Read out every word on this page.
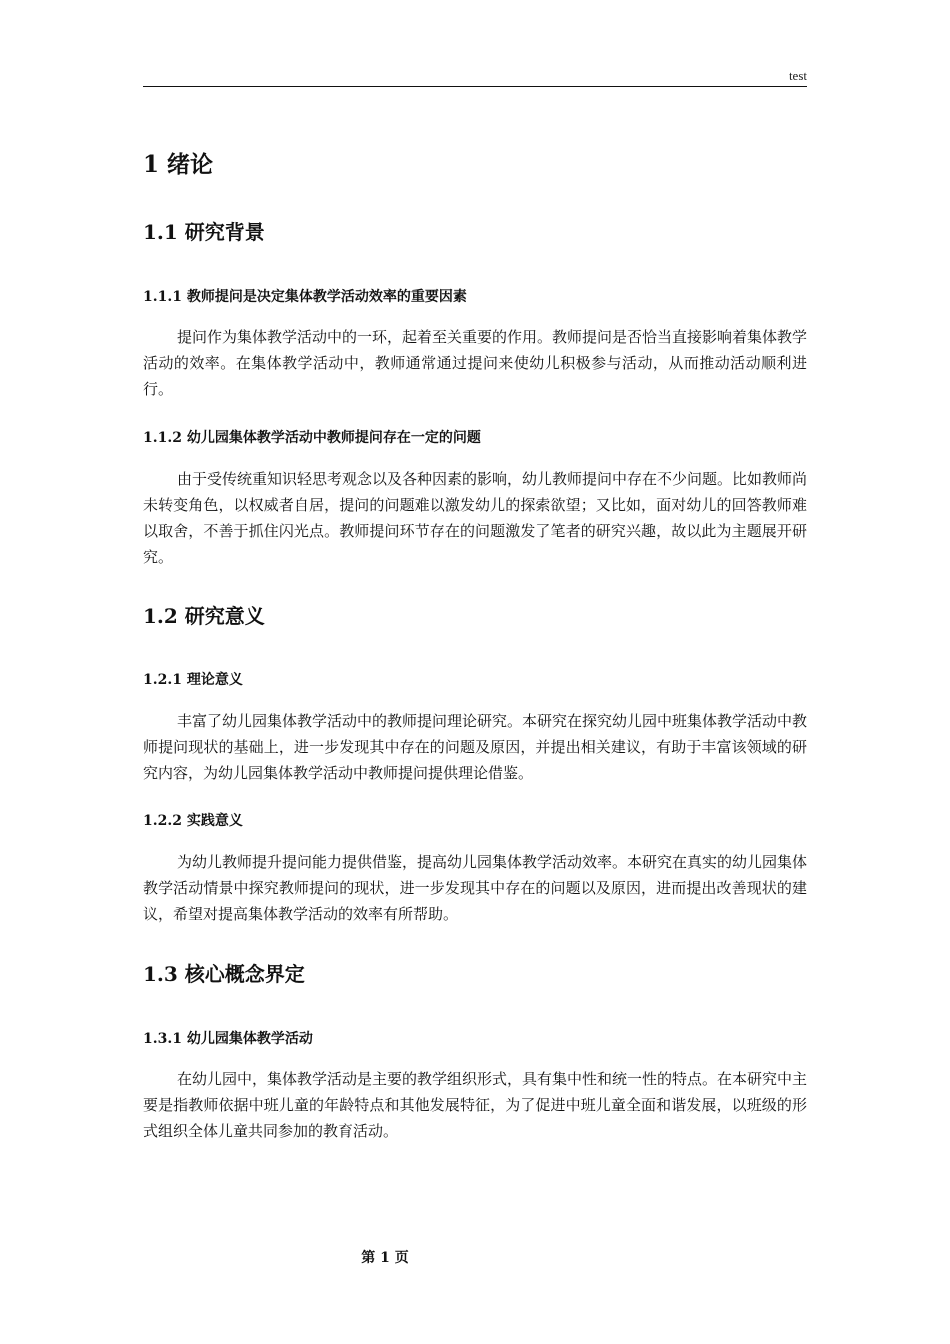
test
1 绪论
1.1 研究背景
1.1.1 教师提问是决定集体教学活动效率的重要因素

提问作为集体教学活动中的一环，起着至关重要的作用。教师提问是否恰当直接影响着集体教学活动的效率。在集体教学活动中，教师通常通过提问来使幼儿积极参与活动，从而推动活动顺利进行。

1.1.2 幼儿园集体教学活动中教师提问存在一定的问题

由于受传统重知识轻思考观念以及各种因素的影响，幼儿教师提问中存在不少问题。比如教师尚未转变角色，以权威者自居，提问的问题难以激发幼儿的探索欲望；又比如，面对幼儿的回答教师难以取舍，不善于抓住闪光点。教师提问环节存在的问题激发了笔者的研究兴趣，故以此为主题展开研究。

1.2 研究意义
1.2.1 理论意义

丰富了幼儿园集体教学活动中的教师提问理论研究。本研究在探究幼儿园中班集体教学活动中教师提问现状的基础上，进一步发现其中存在的问题及原因，并提出相关建议，有助于丰富该领域的研究内容，为幼儿园集体教学活动中教师提问提供理论借鉴。

1.2.2 实践意义

为幼儿教师提升提问能力提供借鉴，提高幼儿园集体教学活动效率。本研究在真实的幼儿园集体教学活动情景中探究教师提问的现状，进一步发现其中存在的问题以及原因，进而提出改善现状的建议，希望对提高集体教学活动的效率有所帮助。

1.3 核心概念界定
1.3.1 幼儿园集体教学活动

在幼儿园中，集体教学活动是主要的教学组织形式，具有集中性和统一性的特点。在本研究中主要是指教师依据中班儿童的年龄特点和其他发展特征，为了促进中班儿童全面和谐发展，以班级的形式组织全体儿童共同参加的教育活动。

第 1 页
